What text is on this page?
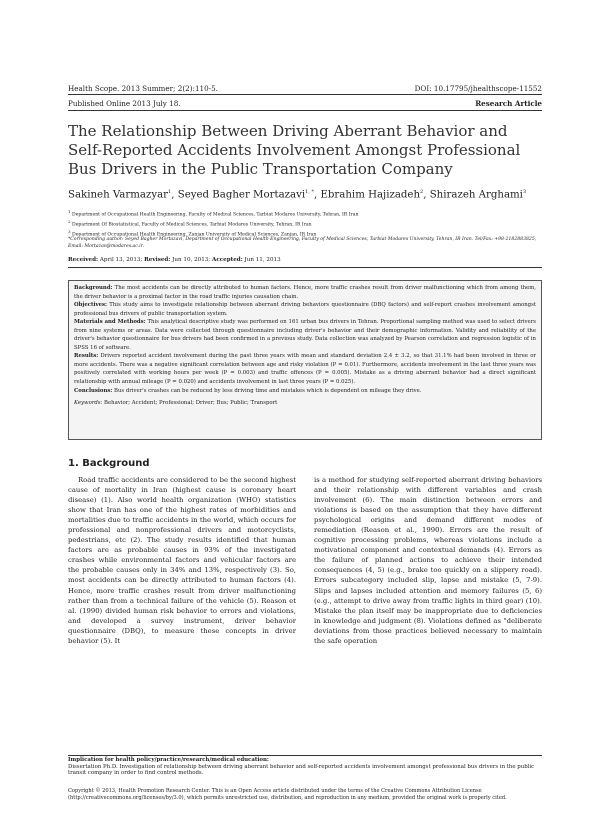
Health Scope. 2013 Summer; 2(2):110-5.	DOI: 10.17795/jhealthscope-11552
Published Online 2013 July 18.	Research Article
The Relationship Between Driving Aberrant Behavior and Self-Reported Accidents Involvement Amongst Professional Bus Drivers in the Public Transportation Company
Sakineh Varmazyar$^1$, Seyed Bagher Mortazavi$^{1, *}$, Ebrahim Hajizadeh$^2$, Shirazeh Arghami$^3$
$^1$ Department of Occupational Health Engineering, Faculty of Medical Sciences, Tarbiat Modares University, Tehran, IR Iran
$^2$ Department Of Biostatistical, Faculty of Medical Sciences, Tarbiat Modares University, Tehran, IR Iran
$^3$ Department of Occupational Health Engineering, Zanjan University of Medical Sciences, Zanjan, IR Iran
*Corresponding author: Seyed Bagher Mortazavi, Department of Occupational Health Engineering, Faculty of Medical Sciences, Tarbiat Modares University, Tehran, IR Iran. Tel/Fax: +98-2182883825, Email: Mortazav@modares.ac.ir.
Received: April 13, 2013; Revised: Jun 10, 2013; Accepted: Jun 11, 2013

Background: The most accidents can be directly attributed to human factors. Hence, more traffic crashes result from driver malfunctioning which from among them, the driver behavior is a proximal factor in the road traffic injuries causation chain.

Objectives: This study aims to investigate relationship between aberrant driving behaviors questionnaire (DBQ factors) and self-report crashes involvement amongst professional bus drivers of public transportation system.

Materials and Methods: This analytical descriptive study was performed on 161 urban bus drivers in Tehran. Proportional sampling method was used to select drivers from nine systems or areas. Data were collected through questionnaire including driver's behavior and their demographic information. Validity and reliability of the driver's behavior questionnaire for bus drivers had been confirmed in a previous study. Data collection was analyzed by Pearson correlation and regression logistic of in SPSS 16 of software.

Results: Drivers reported accident involvement during the past three years with mean and standard deviation 2.4 ± 3.2, so that 31.1% had been involved in three or more accidents. There was a negative significant correlation between age and risky violation (P = 0.01). Furthermore, accidents involvement in the last three years was positively correlated with working hours per week (P = 0.003) and traffic offences (P = 0.005). Mistake as a driving aberrant behavior had a direct significant relationship with annual mileage (P = 0.020) and accidents involvement in last three years (P = 0.025).

Conclusions: Bus driver's crashes can be reduced by less driving time and mistakes which is dependent on mileage they drive.

Keywords: Behavior; Accident; Professional; Driver; Bus; Public; Transport

1. Background

Road traffic accidents are considered to be the second highest cause of mortality in Iran (highest cause is coronary heart disease) (1). Also world health organization (WHO) statistics show that Iran has one of the highest rates of morbidities and mortalities due to traffic accidents in the world, which occurs for professional and nonprofessional drivers and motorcyclists, pedestrians, etc (2). The study results identified that human factors are as probable causes in 93% of the investigated crashes while environmental factors and vehicular factors are the probable causes only in 34% and 13%, respectively (3). So, most accidents can be directly attributed to human factors (4). Hence, more traffic crashes result from driver malfunctioning rather than from a technical failure of the vehicle (5). Reason et al. (1990) divided human risk behavior to errors and violations, and developed a survey instrument, driver behavior questionnaire (DBQ), to measure these concepts in driver behavior (5). It

is a method for studying self-reported aberrant driving behaviors and their relationship with different variables and crash involvement (6). The main distinction between errors and violations is based on the assumption that they have different psychological origins and demand different modes of remediation (Reason et al., 1990). Errors are the result of cognitive processing problems, whereas violations include a motivational component and contextual demands (4). Errors as the failure of planned actions to achieve their intended consequences (4, 5) (e.g., brake too quickly on a slippery road). Errors subcategory included slip, lapse and mistake (5, 7-9). Slips and lapses included attention and memory failures (5, 6) (e.g., attempt to drive away from traffic lights in third gear) (10). Mistake the plan itself may be inappropriate due to deficiencies in knowledge and judgment (8). Violations defined as "deliberate deviations from those practices believed necessary to maintain the safe operation

Implication for health policy/practice/research/medical education:
Dissertation Ph.D. Investigation of relationship between driving aberrant behavior and self-reported accidents involvement amongst professional bus drivers in the public transit company in order to find control methods.
Copyright © 2013, Health Promotion Research Center. This is an Open Access article distributed under the terms of the Creative Commons Attribution License (http://creativecommons.org/licenses/by/3.0), which permits unrestricted use, distribution, and reproduction in any medium, provided the original work is properly cited.
